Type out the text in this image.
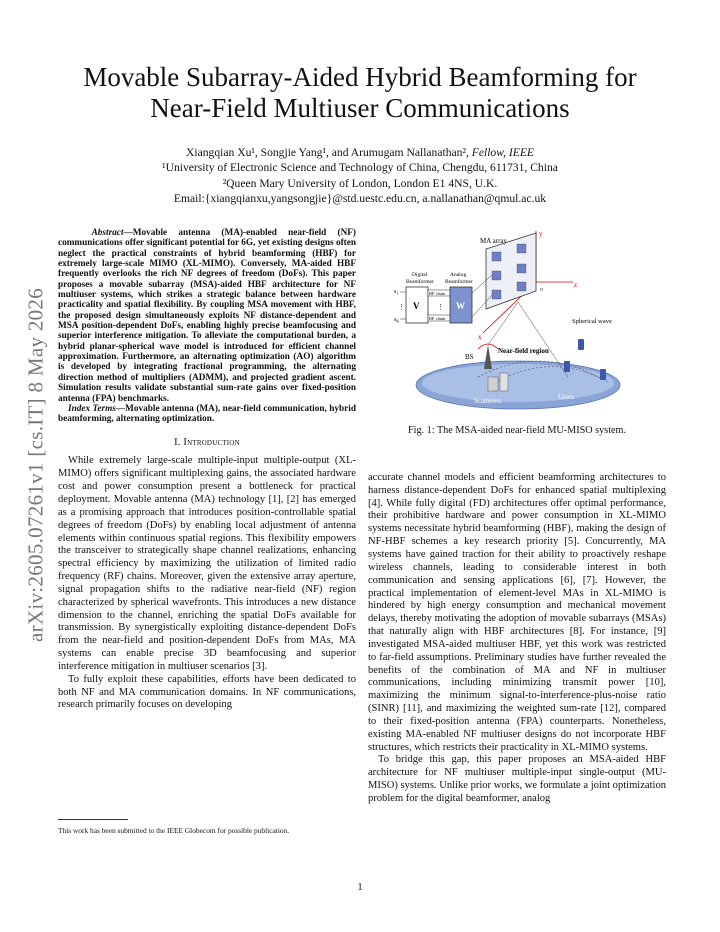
Movable Subarray-Aided Hybrid Beamforming for
Near-Field Multiuser Communications
Xiangqian Xu¹, Songjie Yang¹, and Arumugam Nallanathan², Fellow, IEEE
¹University of Electronic Science and Technology of China, Chengdu, 611731, China
²Queen Mary University of London, London E1 4NS, U.K.
Email:{xiangqianxu,yangsongjie}@std.uestc.edu.cn, a.nallanathan@qmul.ac.uk
arXiv:2605.07261v1 [cs.IT] 8 May 2026

Abstract—Movable antenna (MA)-enabled near-field (NF) communications offer significant potential for 6G, yet existing designs often neglect the practical constraints of hybrid beamforming (HBF) for extremely large-scale MIMO (XL-MIMO). Conversely, MA-aided HBF frequently overlooks the rich NF degrees of freedom (DoFs). This paper proposes a movable subarray (MSA)-aided HBF architecture for NF multiuser systems, which strikes a strategic balance between hardware practicality and spatial flexibility. By coupling MSA movement with HBF, the proposed design simultaneously exploits NF distance-dependent and MSA position-dependent DoFs, enabling highly precise beamfocusing and superior interference mitigation. To alleviate the computational burden, a hybrid planar-spherical wave model is introduced for efficient channel approximation. Furthermore, an alternating optimization (AO) algorithm is developed by integrating fractional programming, the alternating direction method of multipliers (ADMM), and projected gradient ascent. Simulation results validate substantial sum-rate gains over fixed-position antenna (FPA) benchmarks.

Index Terms—Movable antenna (MA), near-field communication, hybrid beamforming, alternating optimization.

I. Introduction

While extremely large-scale multiple-input multiple-output (XL-MIMO) offers significant multiplexing gains, the associated hardware cost and power consumption present a bottleneck for practical deployment. Movable antenna (MA) technology [1], [2] has emerged as a promising approach that introduces position-controllable spatial degrees of freedom (DoFs) by enabling local adjustment of antenna elements within continuous spatial regions. This flexibility empowers the transceiver to strategically shape channel realizations, enhancing spectral efficiency by maximizing the utilization of limited radio frequency (RF) chains. Moreover, given the extensive array aperture, signal propagation shifts to the radiative near-field (NF) region characterized by spherical wavefronts. This introduces a new distance dimension to the channel, enriching the spatial DoFs available for transmission. By synergistically exploiting distance-dependent DoFs from the near-field and position-dependent DoFs from MAs, MA systems can enable precise 3D beamfocusing and superior interference mitigation in multiuser scenarios [3].

To fully exploit these capabilities, efforts have been dedicated to both NF and MA communication domains. In NF communications, research primarily focuses on developing

This work has been submitted to the IEEE Globecom for possible publication.
y
z
x
o
MA array
Digital
Beamformer
Analog
Beamformer
V
RF chain
RF chain
⋮ W
$s_1$
$s_K$
⋮
Spherical wave
BS
Near-field region
Scatterers	Users
Fig. 1: The MSA-aided near-field MU-MISO system.

accurate channel models and efficient beamforming architectures to harness distance-dependent DoFs for enhanced spatial multiplexing [4]. While fully digital (FD) architectures offer optimal performance, their prohibitive hardware and power consumption in XL-MIMO systems necessitate hybrid beamforming (HBF), making the design of NF-HBF schemes a key research priority [5]. Concurrently, MA systems have gained traction for their ability to proactively reshape wireless channels, leading to considerable interest in both communication and sensing applications [6], [7]. However, the practical implementation of element-level MAs in XL-MIMO is hindered by high energy consumption and mechanical movement delays, thereby motivating the adoption of movable subarrays (MSAs) that naturally align with HBF architectures [8]. For instance, [9] investigated MSA-aided multiuser HBF, yet this work was restricted to far-field assumptions. Preliminary studies have further revealed the benefits of the combination of MA and NF in multiuser communications, including minimizing transmit power [10], maximizing the minimum signal-to-interference-plus-noise ratio (SINR) [11], and maximizing the weighted sum-rate [12], compared to their fixed-position antenna (FPA) counterparts. Nonetheless, existing MA-enabled NF multiuser designs do not incorporate HBF structures, which restricts their practicality in XL-MIMO systems.

To bridge this gap, this paper proposes an MSA-aided HBF architecture for NF multiuser multiple-input single-output (MU-MISO) systems. Unlike prior works, we formulate a joint optimization problem for the digital beamformer, analog

1
